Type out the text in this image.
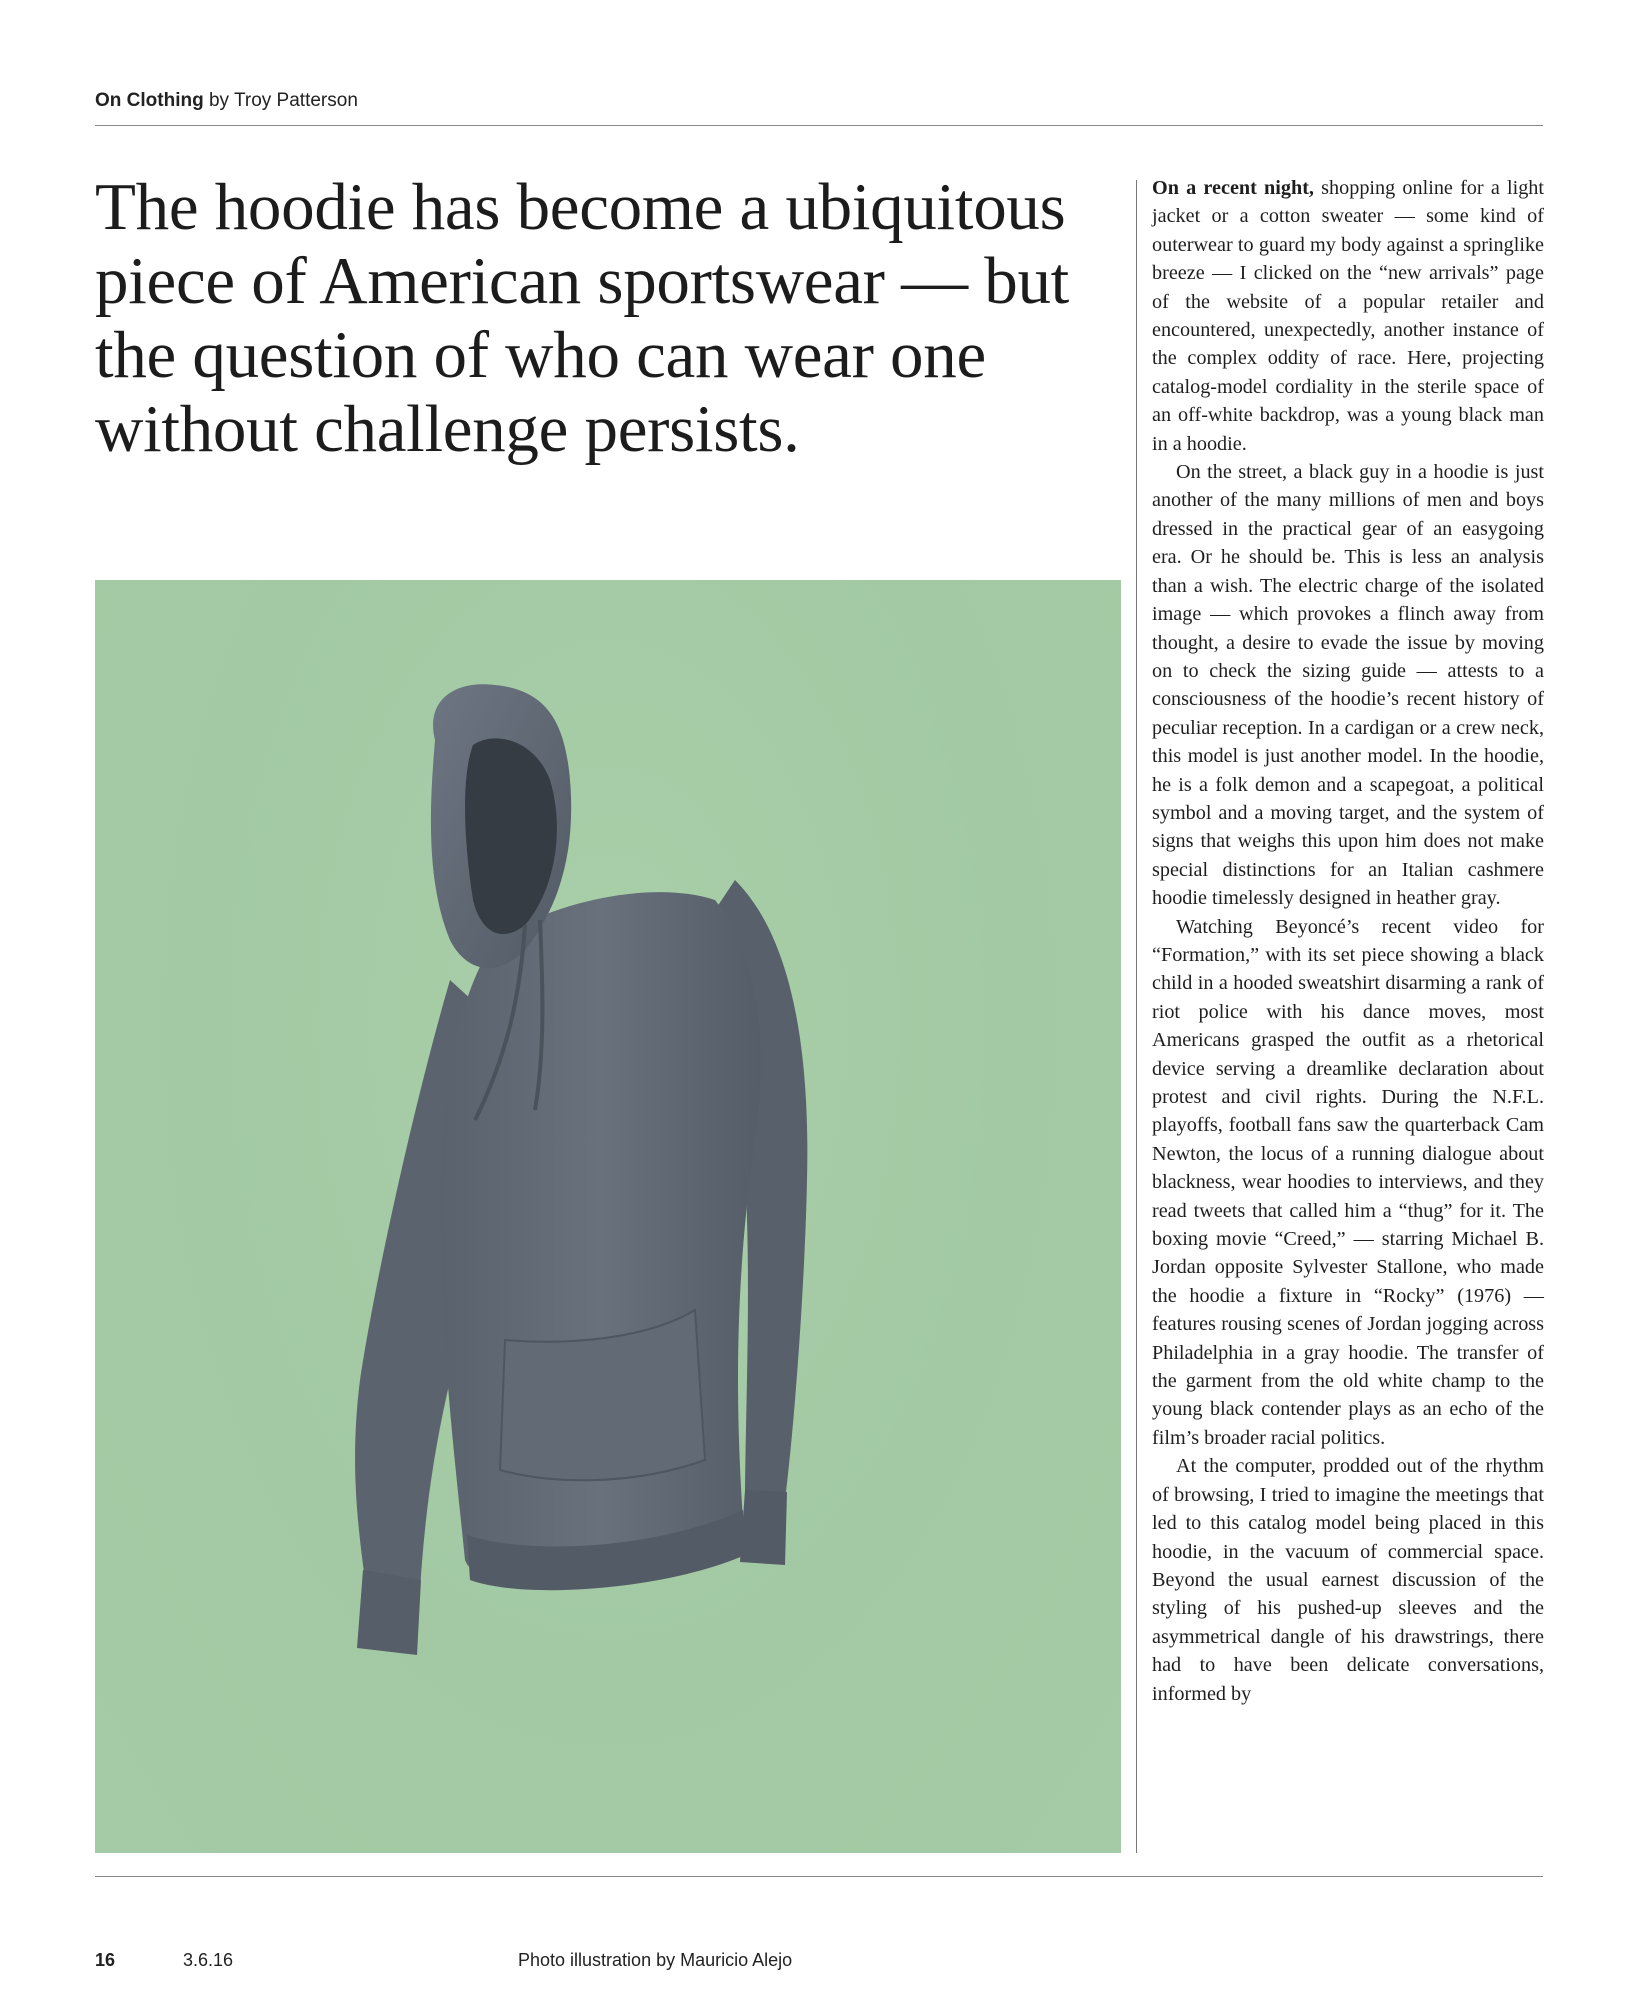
On Clothing by Troy Patterson
The hoodie has become a ubiquitous piece of American sportswear — but the question of who can wear one without challenge persists.

On a recent night, shopping online for a light jacket or a cotton sweater — some kind of outerwear to guard my body against a springlike breeze — I clicked on the “new arrivals” page of the website of a popular retailer and encountered, unexpectedly, another instance of the complex oddity of race. Here, projecting catalog-model cordiality in the sterile space of an off-white backdrop, was a young black man in a hoodie.

On the street, a black guy in a hoodie is just another of the many millions of men and boys dressed in the practical gear of an easygoing era. Or he should be. This is less an analysis than a wish. The electric charge of the isolated image — which provokes a flinch away from thought, a desire to evade the issue by moving on to check the sizing guide — attests to a consciousness of the hoodie’s recent history of peculiar reception. In a cardigan or a crew neck, this model is just another model. In the hoodie, he is a folk demon and a scapegoat, a political symbol and a moving target, and the system of signs that weighs this upon him does not make special distinctions for an Italian cashmere hoodie timelessly designed in heather gray.

Watching Beyoncé’s recent video for “Formation,” with its set piece showing a black child in a hooded sweatshirt disarming a rank of riot police with his dance moves, most Americans grasped the outfit as a rhetorical device serving a dreamlike declaration about protest and civil rights. During the N.F.L. playoffs, football fans saw the quarterback Cam Newton, the locus of a running dialogue about blackness, wear hoodies to interviews, and they read tweets that called him a “thug” for it. The boxing movie “Creed,” — starring Michael B. Jordan opposite Sylvester Stallone, who made the hoodie a fixture in “Rocky” (1976) — features rousing scenes of Jordan jogging across Philadelphia in a gray hoodie. The transfer of the garment from the old white champ to the young black contender plays as an echo of the film’s broader racial politics.

At the computer, prodded out of the rhythm of browsing, I tried to imagine the meetings that led to this catalog model being placed in this hoodie, in the vacuum of commercial space. Beyond the usual earnest discussion of the styling of his pushed-up sleeves and the asymmetrical dangle of his drawstrings, there had to have been delicate conversations, informed by

16	3.6.16	Photo illustration by Mauricio Alejo
